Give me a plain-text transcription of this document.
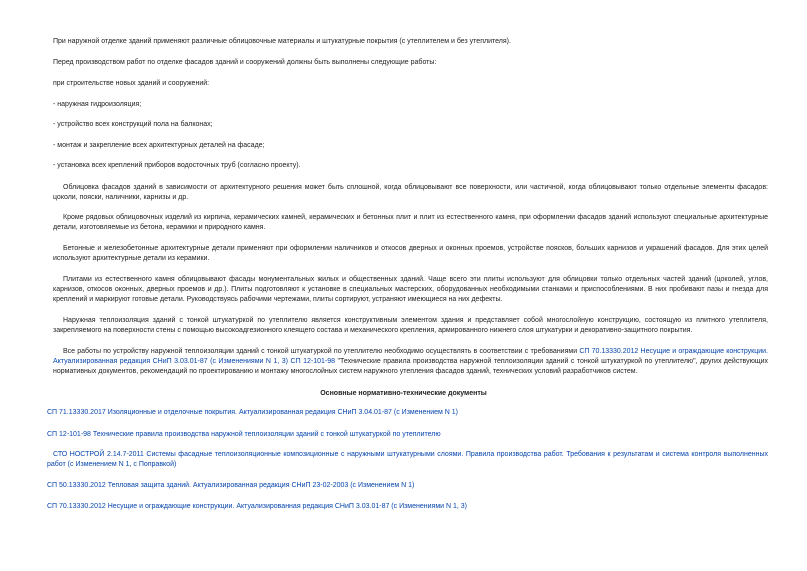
При наружной отделке зданий применяют различные облицовочные материалы и штукатурные покрытия (с утеплителем и без утеплителя).

Перед производством работ по отделке фасадов зданий и сооружений должны быть выполнены следующие работы:

при строительстве новых зданий и сооружений:

- наружная гидроизоляция;

- устройство всех конструкций пола на балконах;

- монтаж и закрепление всех архитектурных деталей на фасаде;

- установка всех креплений приборов водосточных труб (согласно проекту).

Облицовка фасадов зданий в зависимости от архитектурного решения может быть сплошной, когда облицовывают все поверхности, или частичной, когда облицовывают только отдельные элементы фасадов: цоколи, пояски, наличники, карнизы и др.

Кроме рядовых облицовочных изделий из кирпича, керамических камней, керамических и бетонных плит и плит из естественного камня, при оформлении фасадов зданий используют специальные архитектурные детали, изготовляемые из бетона, керамики и природного камня.

Бетонные и железобетонные архитектурные детали применяют при оформлении наличников и откосов дверных и оконных проемов, устройстве поясков, больших карнизов и украшений фасадов. Для этих целей используют архитектурные детали из керамики.

Плитами из естественного камня облицовывают фасады монументальных жилых и общественных зданий. Чаще всего эти плиты используют для облицовки только отдельных частей зданий (цоколей, углов, карнизов, откосов оконных, дверных проемов и др.). Плиты подготовляют к установке в специальных мастерских, оборудованных необходимыми станками и приспособлениями. В них пробивают пазы и гнезда для креплений и маркируют готовые детали. Руководствуясь рабочими чертежами, плиты сортируют, устраняют имеющиеся на них дефекты.

Наружная теплоизоляция зданий с тонкой штукатуркой по утеплителю является конструктивным элементом здания и представляет собой многослойную конструкцию, состоящую из плитного утеплителя, закрепляемого на поверхности стены с помощью высокоадгезионного клеящего состава и механического крепления, армированного нижнего слоя штукатурки и декоративно-защитного покрытия.

Все работы по устройству наружной теплоизоляции зданий с тонкой штукатуркой по утеплителю необходимо осуществлять в соответствии с требованиями СП 70.13330.2012 Несущие и ограждающие конструкции. Актуализированная редакция СНиП 3.03.01-87 (с Изменениями N 1, 3) СП 12-101-98 "Технические правила производства наружной теплоизоляции зданий с тонкой штукатуркой по утеплителю", других действующих нормативных документов, рекомендаций по проектированию и монтажу многослойных систем наружного утепления фасадов зданий, технических условий разработчиков систем.

Основные нормативно-технические документы
СП 71.13330.2017 Изоляционные и отделочные покрытия. Актуализированная редакция СНиП 3.04.01-87 (с Изменением N 1)
СП 12-101-98 Технические правила производства наружной теплоизоляции зданий с тонкой штукатуркой по утеплителю
СТО НОСТРОЙ 2.14.7-2011 Системы фасадные теплоизоляционные композиционные с наружными штукатурными слоями. Правила производства работ. Требования к результатам и система контроля выполненных работ (с Изменением N 1, с Поправкой)
СП 50.13330.2012 Тепловая защита зданий. Актуализированная редакция СНиП 23-02-2003 (с Изменением N 1)
СП 70.13330.2012 Несущие и ограждающие конструкции. Актуализированная редакция СНиП 3.03.01-87 (с Изменениями N 1, 3)
